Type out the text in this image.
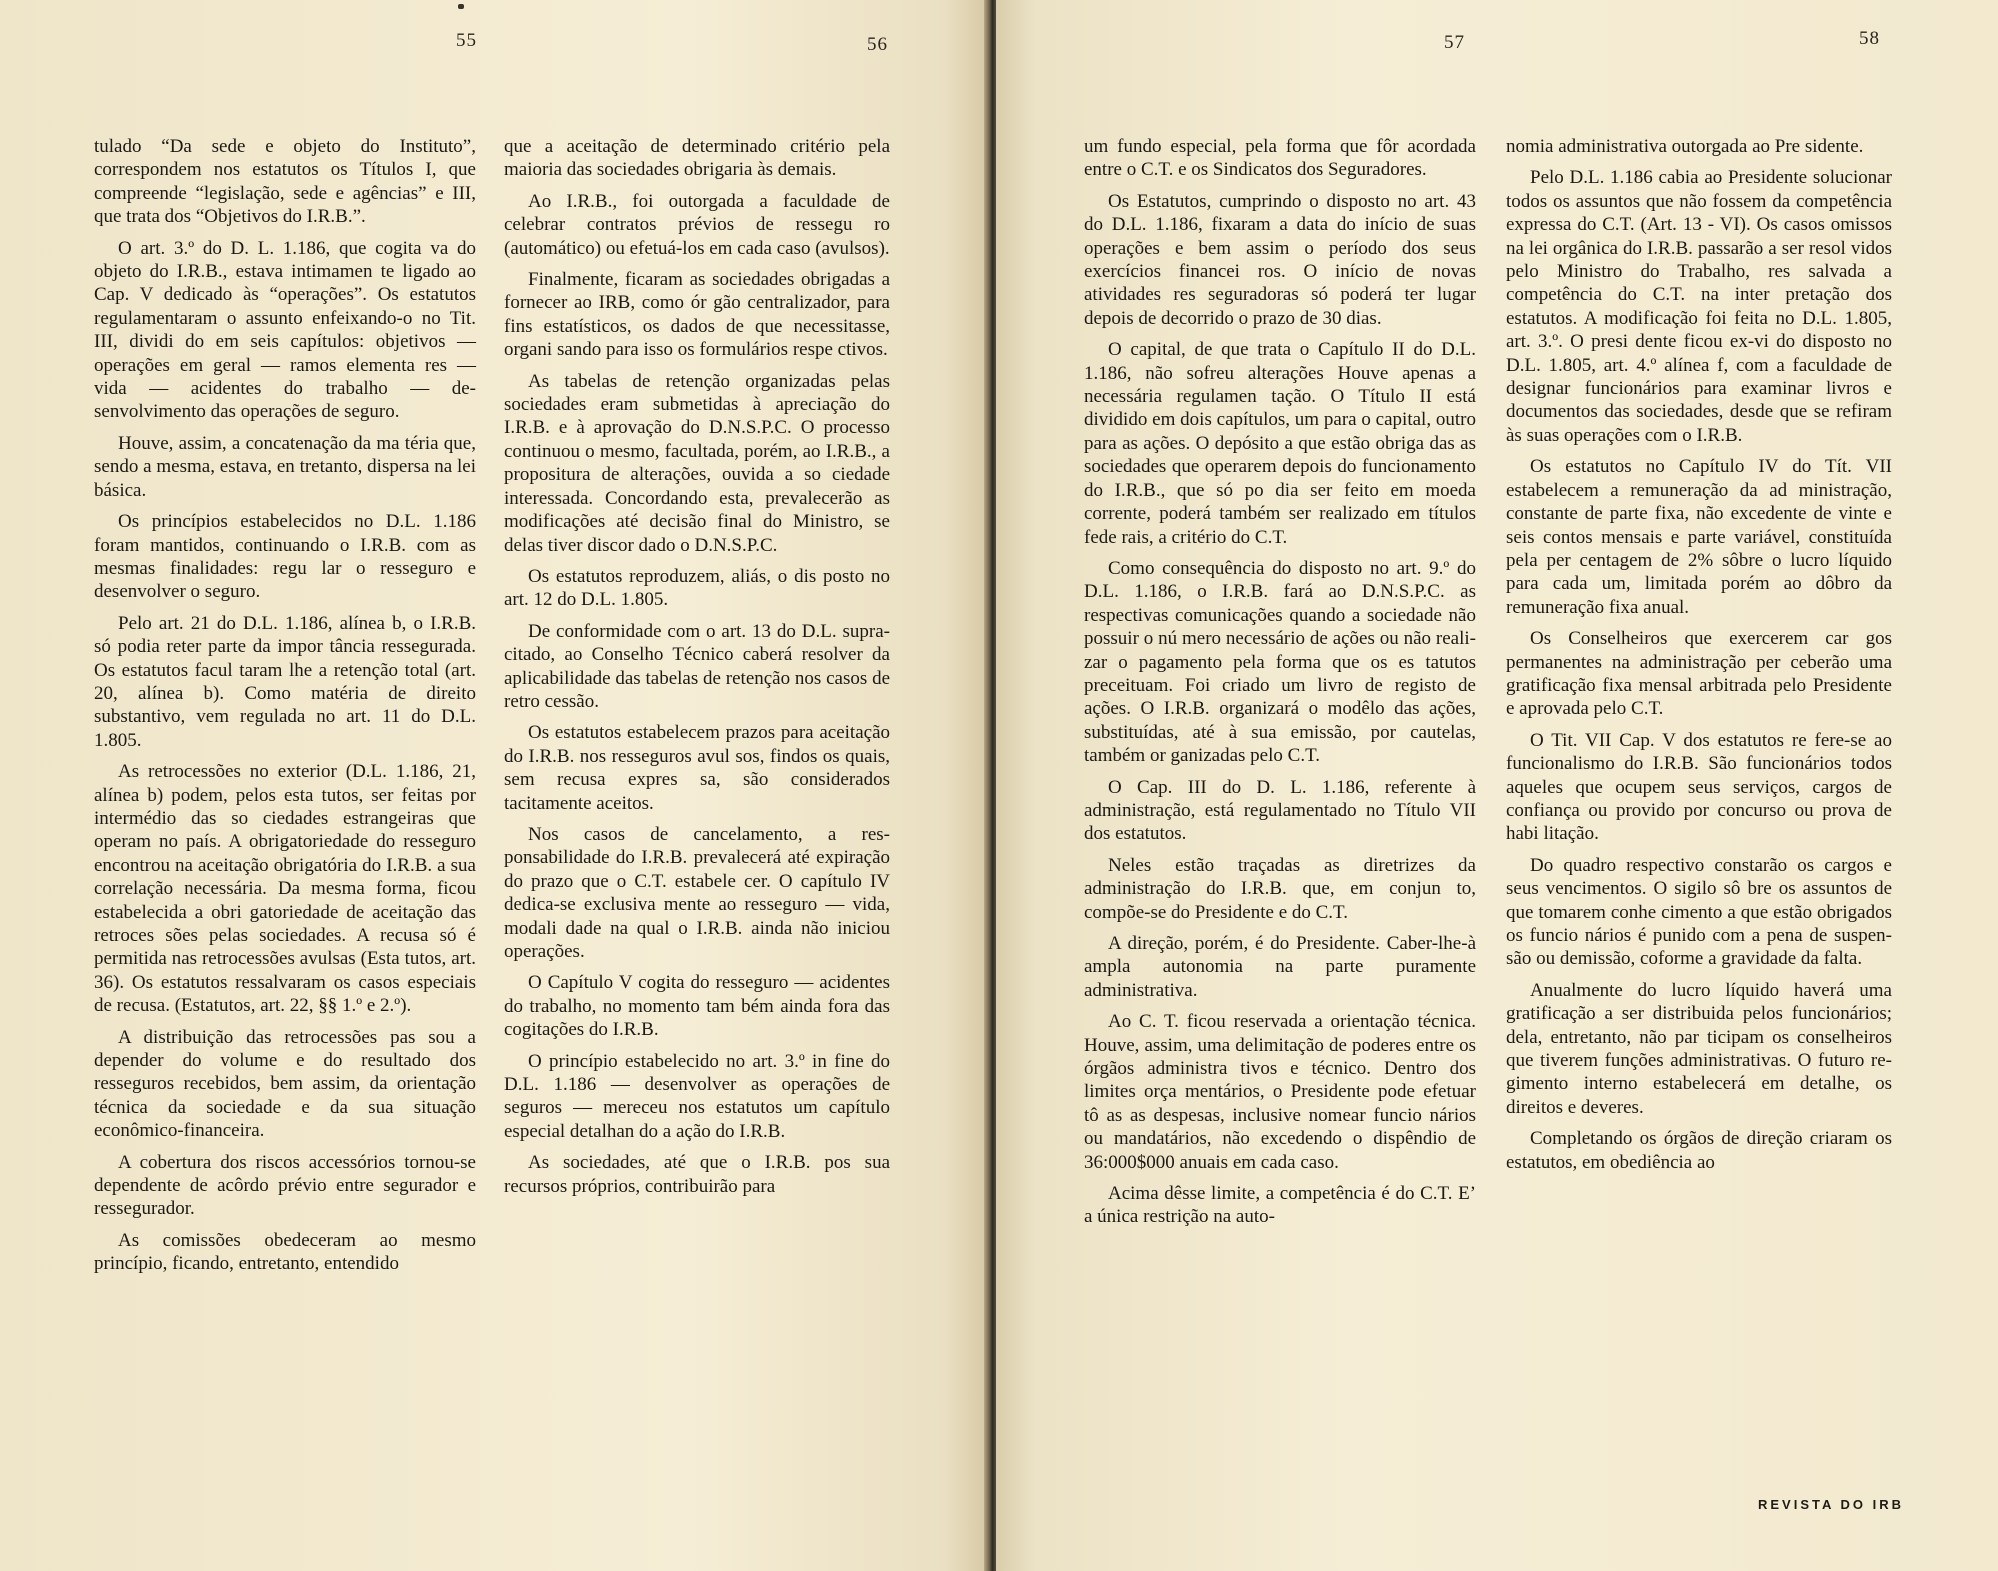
55	56

tulado “Da sede e objeto do Instituto”, correspondem nos estatutos os Títulos I, que compreende “legislação, sede e agências” e III, que trata dos “Objetivos do I.R.B.”.

O art. 3.º do D. L. 1.186, que cogita va do objeto do I.R.B., estava intimamen te ligado ao Cap. V dedicado às “operações”. Os estatutos regulamentaram o assunto enfeixando-o no Tit. III, dividi do em seis capítulos: objetivos — operações em geral — ramos elementa res — vida — acidentes do trabalho — de senvolvimento das operações de seguro.

Houve, assim, a concatenação da ma téria que, sendo a mesma, estava, en tretanto, dispersa na lei básica.

Os princípios estabelecidos no D.L. 1.186 foram mantidos, continuando o I.R.B. com as mesmas finalidades: regu lar o resseguro e desenvolver o seguro.

Pelo art. 21 do D.L. 1.186, alínea b, o I.R.B. só podia reter parte da impor tância ressegurada. Os estatutos facul taram lhe a retenção total (art. 20, alínea b). Como matéria de direito substantivo, vem regulada no art. 11 do D.L. 1.805.

As retrocessões no exterior (D.L. 1.186, 21, alínea b) podem, pelos esta tutos, ser feitas por intermédio das so ciedades estrangeiras que operam no país. A obrigatoriedade do resseguro encontrou na aceitação obrigatória do I.R.B. a sua correlação necessária. Da mesma forma, ficou estabelecida a obri gatoriedade de aceitação das retroces sões pelas sociedades. A recusa só é permitida nas retrocessões avulsas (Esta tutos, art. 36). Os estatutos ressalvaram os casos especiais de recusa. (Estatutos, art. 22, §§ 1.º e 2.º).

A distribuição das retrocessões pas sou a depender do volume e do resultado dos resseguros recebidos, bem assim, da orientação técnica da sociedade e da sua situação econômico-financeira.

A cobertura dos riscos accessórios tornou-se dependente de acôrdo prévio entre segurador e ressegurador.

As comissões obedeceram ao mesmo princípio, ficando, entretanto, entendido

que a aceitação de determinado critério pela maioria das sociedades obrigaria às demais.

Ao I.R.B., foi outorgada a faculdade de celebrar contratos prévios de ressegu ro (automático) ou efetuá-los em cada caso (avulsos).

Finalmente, ficaram as sociedades obrigadas a fornecer ao IRB, como ór gão centralizador, para fins estatísticos, os dados de que necessitasse, organi sando para isso os formulários respe ctivos.

As tabelas de retenção organizadas pelas sociedades eram submetidas à apreciação do I.R.B. e à aprovação do D.N.S.P.C. O processo continuou o mesmo, facultada, porém, ao I.R.B., a propositura de alterações, ouvida a so ciedade interessada. Concordando esta, prevalecerão as modificações até decisão final do Ministro, se delas tiver discor dado o D.N.S.P.C.

Os estatutos reproduzem, aliás, o dis posto no art. 12 do D.L. 1.805.

De conformidade com o art. 13 do D.L. supra-citado, ao Conselho Técnico caberá resolver da aplicabilidade das tabelas de retenção nos casos de retro cessão.

Os estatutos estabelecem prazos para aceitação do I.R.B. nos resseguros avul sos, findos os quais, sem recusa expres sa, são considerados tacitamente aceitos.

Nos casos de cancelamento, a res ponsabilidade do I.R.B. prevalecerá até expiração do prazo que o C.T. estabele cer. O capítulo IV dedica-se exclusiva mente ao resseguro — vida, modali dade na qual o I.R.B. ainda não iniciou operações.

O Capítulo V cogita do resseguro — acidentes do trabalho, no momento tam bém ainda fora das cogitações do I.R.B.

O princípio estabelecido no art. 3.º in fine do D.L. 1.186 — desenvolver as operações de seguros — mereceu nos estatutos um capítulo especial detalhan do a ação do I.R.B.

As sociedades, até que o I.R.B. pos sua recursos próprios, contribuirão para

57	58

um fundo especial, pela forma que fôr acordada entre o C.T. e os Sindicatos dos Seguradores.

Os Estatutos, cumprindo o disposto no art. 43 do D.L. 1.186, fixaram a data do início de suas operações e bem assim o período dos seus exercícios financei ros. O início de novas atividades res seguradoras só poderá ter lugar depois de decorrido o prazo de 30 dias.

O capital, de que trata o Capítulo II do D.L. 1.186, não sofreu alterações Houve apenas a necessária regulamen tação. O Título II está dividido em dois capítulos, um para o capital, outro para as ações. O depósito a que estão obriga das as sociedades que operarem depois do funcionamento do I.R.B., que só po dia ser feito em moeda corrente, poderá também ser realizado em títulos fede rais, a critério do C.T.

Como consequência do disposto no art. 9.º do D.L. 1.186, o I.R.B. fará ao D.N.S.P.C. as respectivas comunicações quando a sociedade não possuir o nú mero necessário de ações ou não reali zar o pagamento pela forma que os es tatutos preceituam. Foi criado um livro de registo de ações. O I.R.B. organizará o modêlo das ações, substituídas, até à sua emissão, por cautelas, também or ganizadas pelo C.T.

O Cap. III do D. L. 1.186, referente à administração, está regulamentado no Título VII dos estatutos.

Neles estão traçadas as diretrizes da administração do I.R.B. que, em conjun to, compõe-se do Presidente e do C.T.

A direção, porém, é do Presidente. Caber-lhe-à ampla autonomia na parte puramente administrativa.

Ao C. T. ficou reservada a orientação técnica. Houve, assim, uma delimitação de poderes entre os órgãos administra tivos e técnico. Dentro dos limites orça mentários, o Presidente pode efetuar tô as as despesas, inclusive nomear funcio nários ou mandatários, não excedendo o dispêndio de 36:000$000 anuais em cada caso.

Acima dêsse limite, a competência é do C.T. E’ a única restrição na auto-

nomia administrativa outorgada ao Pre sidente.

Pelo D.L. 1.186 cabia ao Presidente solucionar todos os assuntos que não fossem da competência expressa do C.T. (Art. 13 - VI). Os casos omissos na lei orgânica do I.R.B. passarão a ser resol vidos pelo Ministro do Trabalho, res salvada a competência do C.T. na inter pretação dos estatutos. A modificação foi feita no D.L. 1.805, art. 3.º. O presi dente ficou ex-vi do disposto no D.L. 1.805, art. 4.º alínea f, com a faculdade de designar funcionários para examinar livros e documentos das sociedades, desde que se refiram às suas operações com o I.R.B.

Os estatutos no Capítulo IV do Tít. VII estabelecem a remuneração da ad ministração, constante de parte fixa, não excedente de vinte e seis contos mensais e parte variável, constituída pela per centagem de 2% sôbre o lucro líquido para cada um, limitada porém ao dôbro da remuneração fixa anual.

Os Conselheiros que exercerem car gos permanentes na administração per ceberão uma gratificação fixa mensal arbitrada pelo Presidente e aprovada pelo C.T.

O Tit. VII Cap. V dos estatutos re fere-se ao funcionalismo do I.R.B. São funcionários todos aqueles que ocupem seus serviços, cargos de confiança ou provido por concurso ou prova de habi litação.

Do quadro respectivo constarão os cargos e seus vencimentos. O sigilo sô bre os assuntos de que tomarem conhe cimento a que estão obrigados os funcio nários é punido com a pena de suspen são ou demissão, coforme a gravidade da falta.

Anualmente do lucro líquido haverá uma gratificação a ser distribuida pelos funcionários; dela, entretanto, não par ticipam os conselheiros que tiverem funções administrativas. O futuro re gimento interno estabelecerá em detalhe, os direitos e deveres.

Completando os órgãos de direção criaram os estatutos, em obediência ao

REVISTA DO IRB
